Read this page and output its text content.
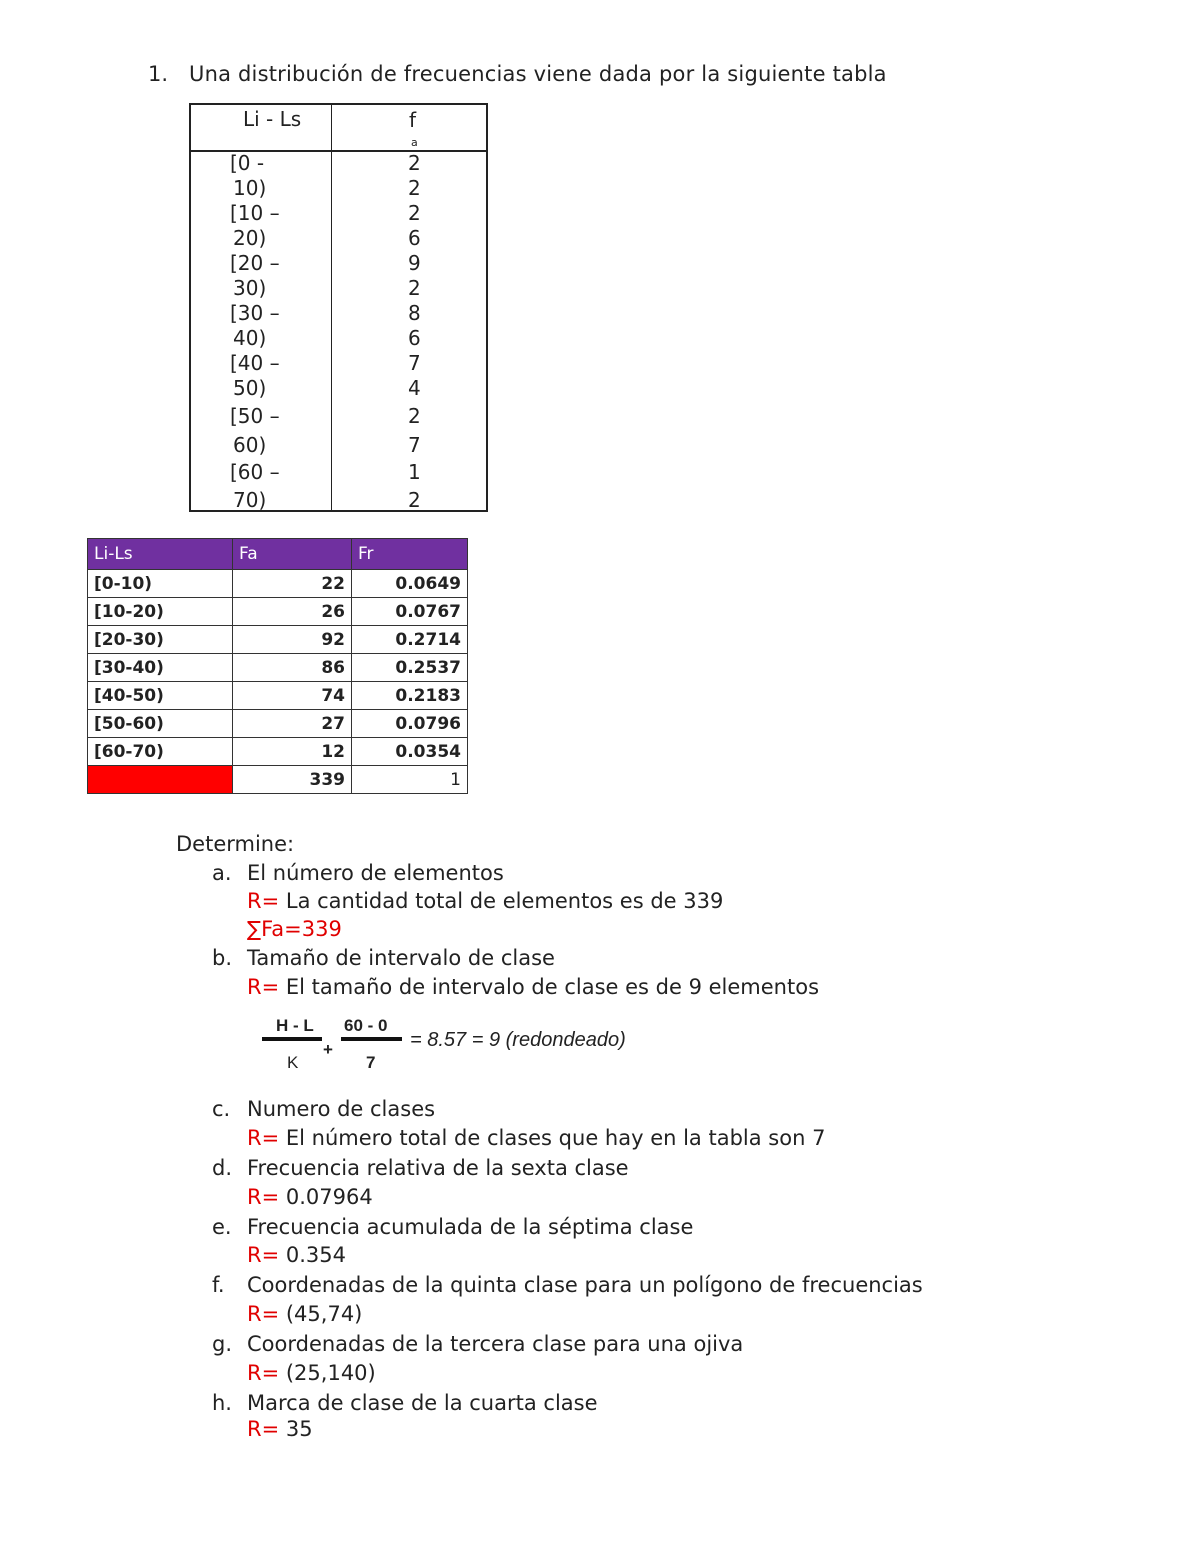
1. Una distribución de frecuencias viene dada por la siguiente tabla
Li - Ls	f
a
[0 -	2
10)	2
[10 –	2
20)	6
[20 –	9
30)	2
[30 –	8
40)	6
[40 –	7
50)	4
[50 –	2
60)	7
[60 –	1
70)	2
Li-Ls	Fa	Fr
[0-10)	22	0.0649
[10-20)	26	0.0767
[20-30)	92	0.2714
[30-40)	86	0.2537
[40-50)	74	0.2183
[50-60)	27	0.0796
[60-70)	12	0.0354
	339	1
Determine:
a. El número de elementos
R= La cantidad total de elementos es de 339
∑Fa=339
b. Tamaño de intervalo de clase
R= El tamaño de intervalo de clase es de 9 elementos
c. Numero de clases
R= El número total de clases que hay en la tabla son 7
d. Frecuencia relativa de la sexta clase
R= 0.07964
e. Frecuencia acumulada de la séptima clase
R= 0.354
f. Coordenadas de la quinta clase para un polígono de frecuencias
R= (45,74)
g. Coordenadas de la tercera clase para una ojiva
R= (25,140)
h. Marca de clase de la cuarta clase
R= 35
H - L
K
+
60 - 0
7
= 8.57 = 9 (redondeado)
